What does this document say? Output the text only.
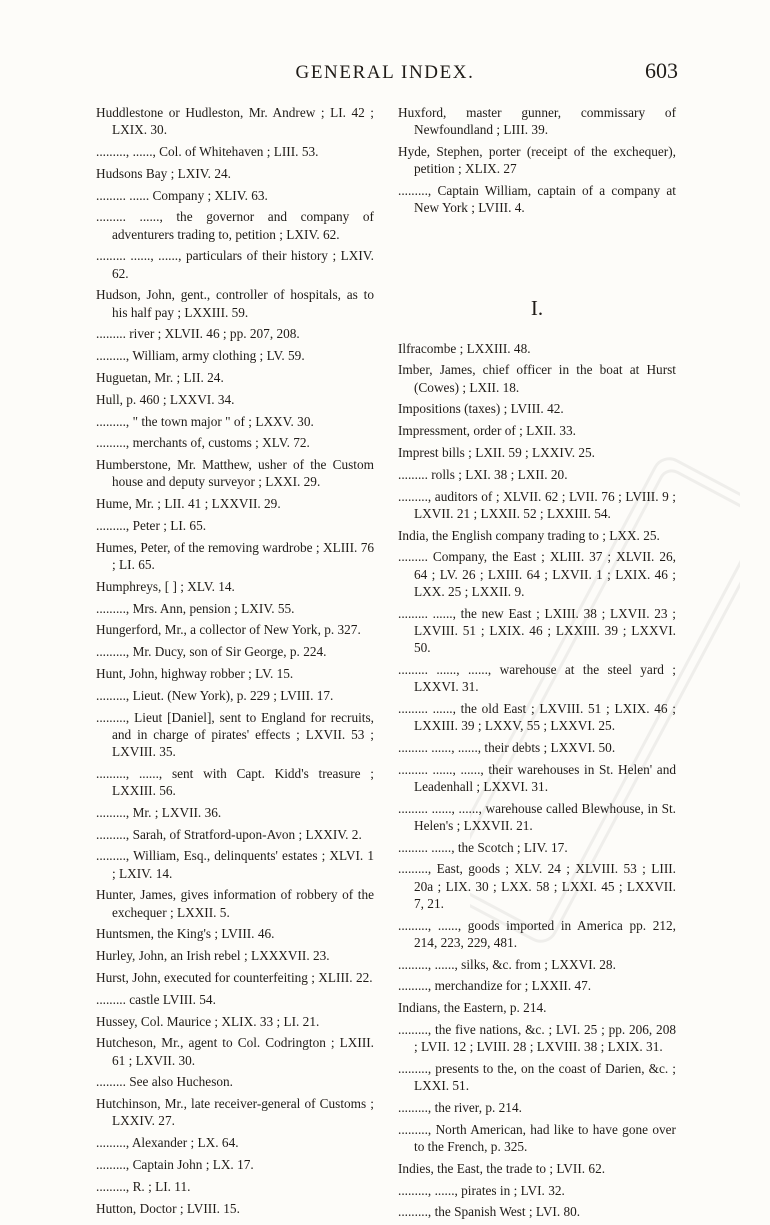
GENERAL INDEX.	603

Huddlestone or Hudleston, Mr. Andrew ; LI. 42 ; LXIX. 30.

........., ......, Col. of Whitehaven ; LIII. 53.

Hudsons Bay ; LXIV. 24.

......... ...... Company ; XLIV. 63.

......... ......, the governor and company of adventurers trading to, petition ; LXIV. 62.

......... ......, ......, particulars of their history ; LXIV. 62.

Hudson, John, gent., controller of hospitals, as to his half pay ; LXXIII. 59.

......... river ; XLVII. 46 ; pp. 207, 208.

........., William, army clothing ; LV. 59.

Huguetan, Mr. ; LII. 24.

Hull, p. 460 ; LXXVI. 34.

........., " the town major " of ; LXXV. 30.

........., merchants of, customs ; XLV. 72.

Humberstone, Mr. Matthew, usher of the Custom house and deputy surveyor ; LXXI. 29.

Hume, Mr. ; LII. 41 ; LXXVII. 29.

........., Peter ; LI. 65.

Humes, Peter, of the removing wardrobe ; XLIII. 76 ; LI. 65.

Humphreys, [ ] ; XLV. 14.

........., Mrs. Ann, pension ; LXIV. 55.

Hungerford, Mr., a collector of New York, p. 327.

........., Mr. Ducy, son of Sir George, p. 224.

Hunt, John, highway robber ; LV. 15.

........., Lieut. (New York), p. 229 ; LVIII. 17.

........., Lieut [Daniel], sent to England for recruits, and in charge of pirates' effects ; LXVII. 53 ; LXVIII. 35.

........., ......, sent with Capt. Kidd's treasure ; LXXIII. 56.

........., Mr. ; LXVII. 36.

........., Sarah, of Stratford-upon-Avon ; LXXIV. 2.

........., William, Esq., delinquents' estates ; XLVI. 1 ; LXIV. 14.

Hunter, James, gives information of robbery of the exchequer ; LXXII. 5.

Huntsmen, the King's ; LVIII. 46.

Hurley, John, an Irish rebel ; LXXXVII. 23.

Hurst, John, executed for counterfeiting ; XLIII. 22.

......... castle LVIII. 54.

Hussey, Col. Maurice ; XLIX. 33 ; LI. 21.

Hutcheson, Mr., agent to Col. Codrington ; LXIII. 61 ; LXVII. 30.

......... See also Hucheson.

Hutchinson, Mr., late receiver-general of Customs ; LXXIV. 27.

........., Alexander ; LX. 64.

........., Captain John ; LX. 17.

........., R. ; LI. 11.

Hutton, Doctor ; LVIII. 15.

Huxford, master gunner, commissary of Newfoundland ; LIII. 39.

Hyde, Stephen, porter (receipt of the exchequer), petition ; XLIX. 27

........., Captain William, captain of a company at New York ; LVIII. 4.

I.

Ilfracombe ; LXXIII. 48.

Imber, James, chief officer in the boat at Hurst (Cowes) ; LXII. 18.

Impositions (taxes) ; LVIII. 42.

Impressment, order of ; LXII. 33.

Imprest bills ; LXII. 59 ; LXXIV. 25.

......... rolls ; LXI. 38 ; LXII. 20.

........., auditors of ; XLVII. 62 ; LVII. 76 ; LVIII. 9 ; LXVII. 21 ; LXXII. 52 ; LXXIII. 54.

India, the English company trading to ; LXX. 25.

......... Company, the East ; XLIII. 37 ; XLVII. 26, 64 ; LV. 26 ; LXIII. 64 ; LXVII. 1 ; LXIX. 46 ; LXX. 25 ; LXXII. 9.

......... ......, the new East ; LXIII. 38 ; LXVII. 23 ; LXVIII. 51 ; LXIX. 46 ; LXXIII. 39 ; LXXVI. 50.

......... ......, ......, warehouse at the steel yard ; LXXVI. 31.

......... ......, the old East ; LXVIII. 51 ; LXIX. 46 ; LXXIII. 39 ; LXXV, 55 ; LXXVI. 25.

......... ......, ......, their debts ; LXXVI. 50.

......... ......, ......, their warehouses in St. Helen' and Leadenhall ; LXXVI. 31.

......... ......, ......, warehouse called Blewhouse, in St. Helen's ; LXXVII. 21.

......... ......, the Scotch ; LIV. 17.

........., East, goods ; XLV. 24 ; XLVIII. 53 ; LIII. 20a ; LIX. 30 ; LXX. 58 ; LXXI. 45 ; LXXVII. 7, 21.

........., ......, goods imported in America pp. 212, 214, 223, 229, 481.

........., ......, silks, &c. from ; LXXVI. 28.

........., merchandize for ; LXXII. 47.

Indians, the Eastern, p. 214.

........., the five nations, &c. ; LVI. 25 ; pp. 206, 208 ; LVII. 12 ; LVIII. 28 ; LXVIII. 38 ; LXIX. 31.

........., presents to the, on the coast of Darien, &c. ; LXXI. 51.

........., the river, p. 214.

........., North American, had like to have gone over to the French, p. 325.

Indies, the East, the trade to ; LVII. 62.

........., ......, pirates in ; LVI. 32.

........., the Spanish West ; LVI. 80.
